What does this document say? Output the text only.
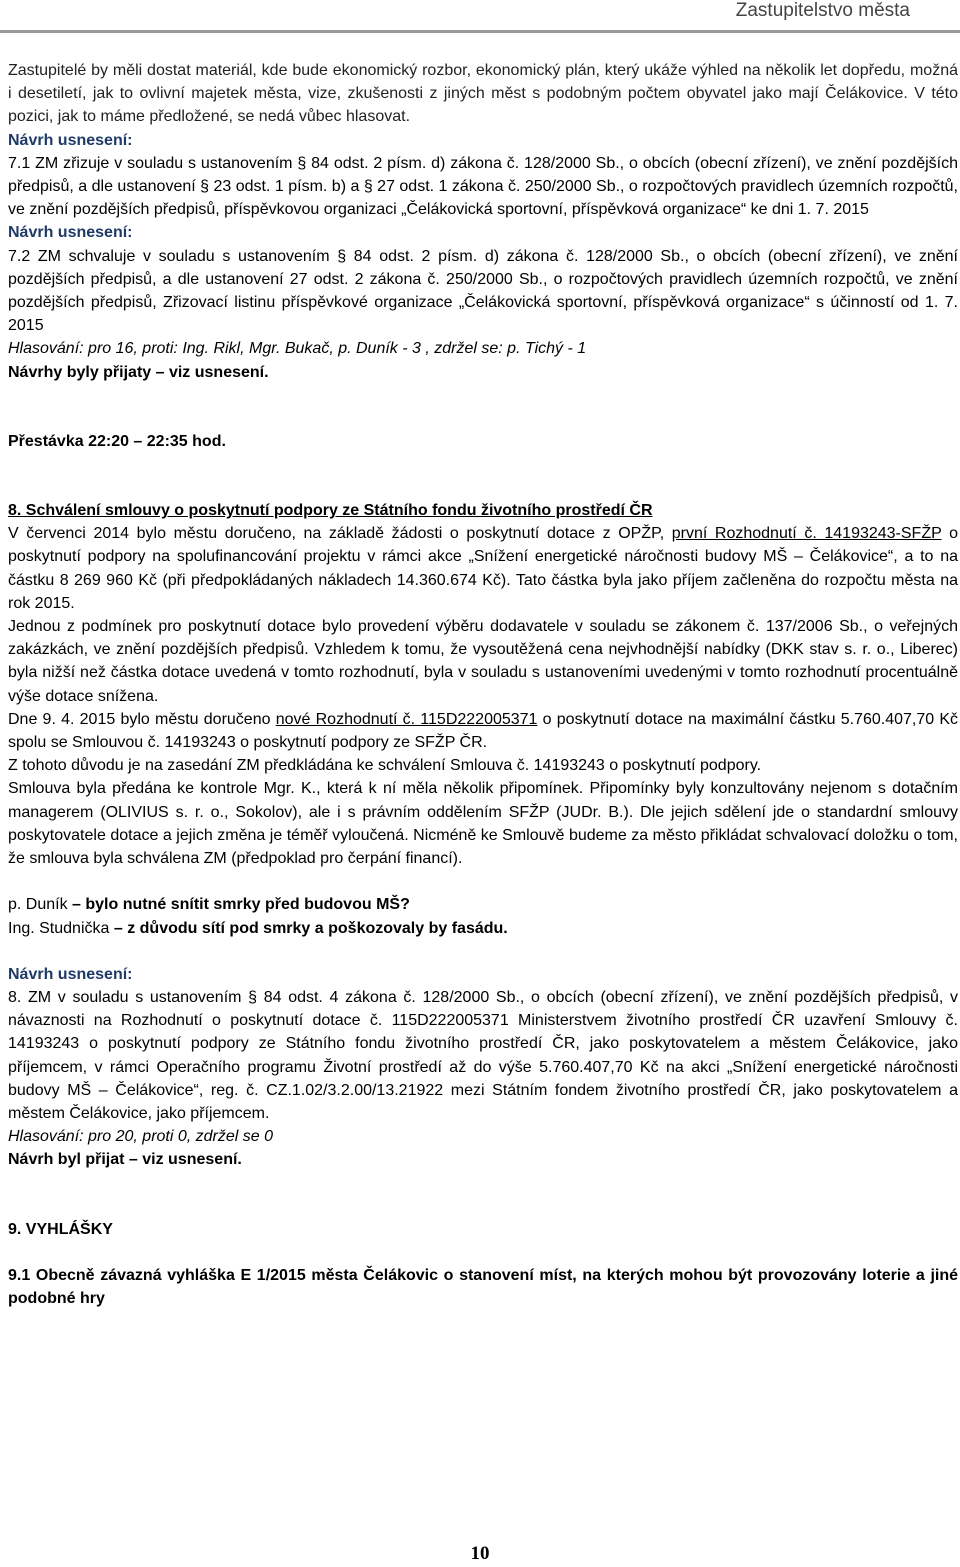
Zastupitelstvo města

Zastupitelé by měli dostat materiál, kde bude ekonomický rozbor, ekonomický plán, který ukáže výhled na několik let dopředu, možná i desetiletí, jak to ovlivní majetek města, vize, zkušenosti z jiných měst s podobným počtem obyvatel jako mají Čelákovice. V této pozici, jak to máme předložené, se nedá vůbec hlasovat.

Návrh usnesení:

7.1 ZM zřizuje v souladu s ustanovením § 84 odst. 2 písm. d) zákona č. 128/2000 Sb., o obcích (obecní zřízení), ve znění pozdějších předpisů, a dle ustanovení § 23 odst. 1 písm. b) a § 27 odst. 1 zákona č. 250/2000 Sb., o rozpočtových pravidlech územních rozpočtů, ve znění pozdějších předpisů, příspěvkovou organizaci „Čelákovická sportovní, příspěvková organizace“ ke dni 1. 7. 2015

Návrh usnesení:

7.2 ZM schvaluje v souladu s ustanovením § 84 odst. 2 písm. d) zákona č. 128/2000 Sb., o obcích (obecní zřízení), ve znění pozdějších předpisů, a dle ustanovení 27 odst. 2 zákona č. 250/2000 Sb., o rozpočtových pravidlech územních rozpočtů, ve znění pozdějších předpisů, Zřizovací listinu příspěvkové organizace „Čelákovická sportovní, příspěvková organizace“ s účinností od 1. 7. 2015

Hlasování: pro 16, proti: Ing. Rikl, Mgr. Bukač, p. Duník - 3 , zdržel se: p. Tichý - 1
Návrhy byly přijaty – viz usnesení.
Přestávka 22:20 – 22:35 hod.
8. Schválení smlouvy o poskytnutí podpory ze Státního fondu životního prostředí ČR

V červenci 2014 bylo městu doručeno, na základě žádosti o poskytnutí dotace z OPŽP, první Rozhodnutí č. 14193243-SFŽP o poskytnutí podpory na spolufinancování projektu v rámci akce „Snížení energetické náročnosti budovy MŠ – Čelákovice“, a to na částku 8 269 960 Kč (při předpokládaných nákladech 14.360.674 Kč). Tato částka byla jako příjem začleněna do rozpočtu města na rok 2015.

Jednou z podmínek pro poskytnutí dotace bylo provedení výběru dodavatele v souladu se zákonem č. 137/2006 Sb., o veřejných zakázkách, ve znění pozdějších předpisů. Vzhledem k tomu, že vysoutěžená cena nejvhodnější nabídky (DKK stav s. r. o., Liberec) byla nižší než částka dotace uvedená v tomto rozhodnutí, byla v souladu s ustanoveními uvedenými v tomto rozhodnutí procentuálně výše dotace snížena.

Dne 9. 4. 2015 bylo městu doručeno nové Rozhodnutí č. 115D222005371 o poskytnutí dotace na maximální částku 5.760.407,70 Kč spolu se Smlouvou č. 14193243 o poskytnutí podpory ze SFŽP ČR.

Z tohoto důvodu je na zasedání ZM předkládána ke schválení Smlouva č. 14193243 o poskytnutí podpory.

Smlouva byla předána ke kontrole Mgr. K., která k ní měla několik připomínek. Připomínky byly konzultovány nejenom s dotačním managerem (OLIVIUS s. r. o., Sokolov), ale i s právním oddělením SFŽP (JUDr. B.). Dle jejich sdělení jde o standardní smlouvy poskytovatele dotace a jejich změna je téměř vyloučená. Nicméně ke Smlouvě budeme za město přikládat schvalovací doložku o tom, že smlouva byla schválena ZM (předpoklad pro čerpání financí).

p. Duník – bylo nutné snítit smrky před budovou MŠ?
Ing. Studnička – z důvodu sítí pod smrky a poškozovaly by fasádu.
Návrh usnesení:

8. ZM v souladu s ustanovením § 84 odst. 4 zákona č. 128/2000 Sb., o obcích (obecní zřízení), ve znění pozdějších předpisů, v návaznosti na Rozhodnutí o poskytnutí dotace č. 115D222005371 Ministerstvem životního prostředí ČR uzavření Smlouvy č. 14193243 o poskytnutí podpory ze Státního fondu životního prostředí ČR, jako poskytovatelem a městem Čelákovice, jako příjemcem, v rámci Operačního programu Životní prostředí až do výše 5.760.407,70 Kč na akci „Snížení energetické náročnosti budovy MŠ – Čelákovice“, reg. č. CZ.1.02/3.2.00/13.21922 mezi Státním fondem životního prostředí ČR, jako poskytovatelem a městem Čelákovice, jako příjemcem.

Hlasování: pro 20, proti 0, zdržel se 0
Návrh byl přijat – viz usnesení.
9. VYHLÁŠKY

9.1 Obecně závazná vyhláška E 1/2015 města Čelákovic o stanovení míst, na kterých mohou být provozovány loterie a jiné podobné hry

10
